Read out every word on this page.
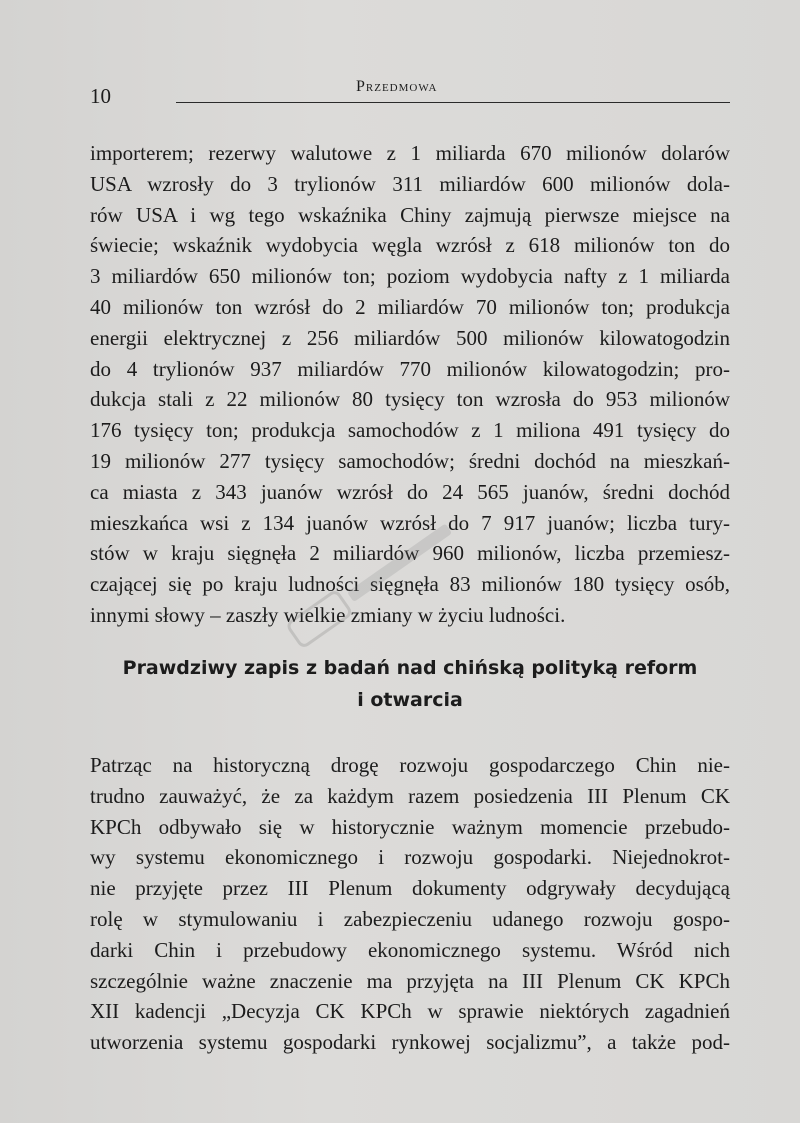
10	Przedmowa
importerem; rezerwy walutowe z 1 miliarda 670 milionów dolarów
USA wzrosły do 3 trylionów 311 miliardów 600 milionów dola-
rów USA i wg tego wskaźnika Chiny zajmują pierwsze miejsce na
świecie; wskaźnik wydobycia węgla wzrósł z 618 milionów ton do
3 miliardów 650 milionów ton; poziom wydobycia nafty z 1 miliarda
40 milionów ton wzrósł do 2 miliardów 70 milionów ton; produkcja
energii elektrycznej z 256 miliardów 500 milionów kilowatogodzin
do 4 trylionów 937 miliardów 770 milionów kilowatogodzin; pro-
dukcja stali z 22 milionów 80 tysięcy ton wzrosła do 953 milionów
176 tysięcy ton; produkcja samochodów z 1 miliona 491 tysięcy do
19 milionów 277 tysięcy samochodów; średni dochód na mieszkań-
ca miasta z 343 juanów wzrósł do 24 565 juanów, średni dochód
mieszkańca wsi z 134 juanów wzrósł do 7 917 juanów; liczba tury-
stów w kraju sięgnęła 2 miliardów 960 milionów, liczba przemiesz-
czającej się po kraju ludności sięgnęła 83 milionów 180 tysięcy osób,
innymi słowy – zaszły wielkie zmiany w życiu ludności.
Prawdziwy zapis z badań nad chińską polityką reform
i otwarcia
Patrząc na historyczną drogę rozwoju gospodarczego Chin nie-
trudno zauważyć, że za każdym razem posiedzenia III Plenum CK
KPCh odbywało się w historycznie ważnym momencie przebudo-
wy systemu ekonomicznego i rozwoju gospodarki. Niejednokrot-
nie przyjęte przez III Plenum dokumenty odgrywały decydującą
rolę w stymulowaniu i zabezpieczeniu udanego rozwoju gospo-
darki Chin i przebudowy ekonomicznego systemu. Wśród nich
szczególnie ważne znaczenie ma przyjęta na III Plenum CK KPCh
XII kadencji „Decyzja CK KPCh w sprawie niektórych zagadnień
utworzenia systemu gospodarki rynkowej socjalizmu”, a także pod-
